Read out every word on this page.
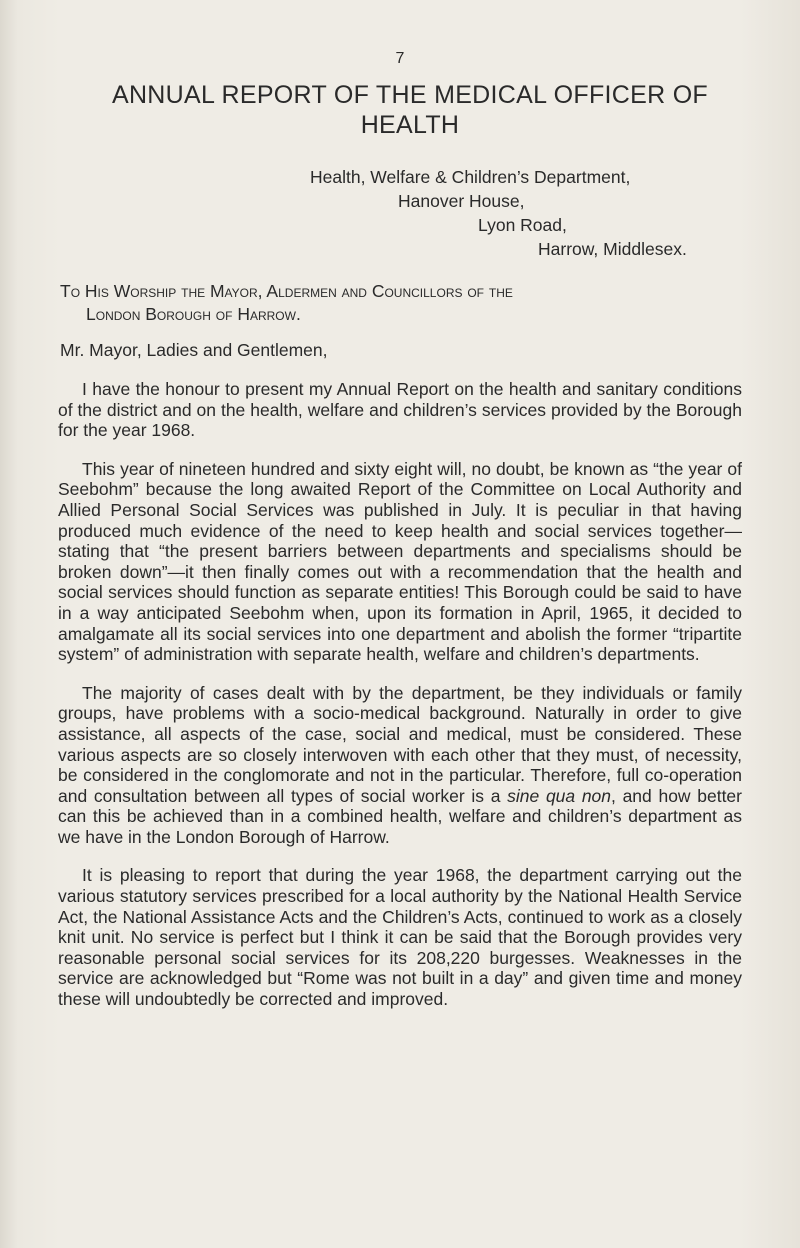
7
ANNUAL REPORT OF THE MEDICAL OFFICER OF HEALTH
Health, Welfare & Children’s Department,
Hanover House,
Lyon Road,
Harrow, Middlesex.
To His Worship the Mayor, Aldermen and Councillors of the
London Borough of Harrow.
Mr. Mayor, Ladies and Gentlemen,

I have the honour to present my Annual Report on the health and sanitary conditions of the district and on the health, welfare and children’s services provided by the Borough for the year 1968.

This year of nineteen hundred and sixty eight will, no doubt, be known as “the year of Seebohm” because the long awaited Report of the Committee on Local Authority and Allied Personal Social Services was published in July. It is peculiar in that having produced much evidence of the need to keep health and social services together—stating that “the present barriers between departments and specialisms should be broken down”—it then finally comes out with a recommendation that the health and social services should function as separate entities! This Borough could be said to have in a way anticipated Seebohm when, upon its formation in April, 1965, it decided to amalgamate all its social services into one department and abolish the former “tripartite system” of administration with separate health, welfare and children’s departments.

The majority of cases dealt with by the department, be they individuals or family groups, have problems with a socio-medical background. Naturally in order to give assistance, all aspects of the case, social and medical, must be considered. These various aspects are so closely interwoven with each other that they must, of necessity, be considered in the conglomorate and not in the particular. Therefore, full co-operation and consultation between all types of social worker is a sine qua non, and how better can this be achieved than in a combined health, welfare and children’s department as we have in the London Borough of Harrow.

It is pleasing to report that during the year 1968, the department carrying out the various statutory services prescribed for a local authority by the National Health Service Act, the National Assistance Acts and the Children’s Acts, continued to work as a closely knit unit. No service is perfect but I think it can be said that the Borough provides very reasonable personal social services for its 208,220 burgesses. Weaknesses in the service are acknowledged but “Rome was not built in a day” and given time and money these will undoubtedly be corrected and improved.
